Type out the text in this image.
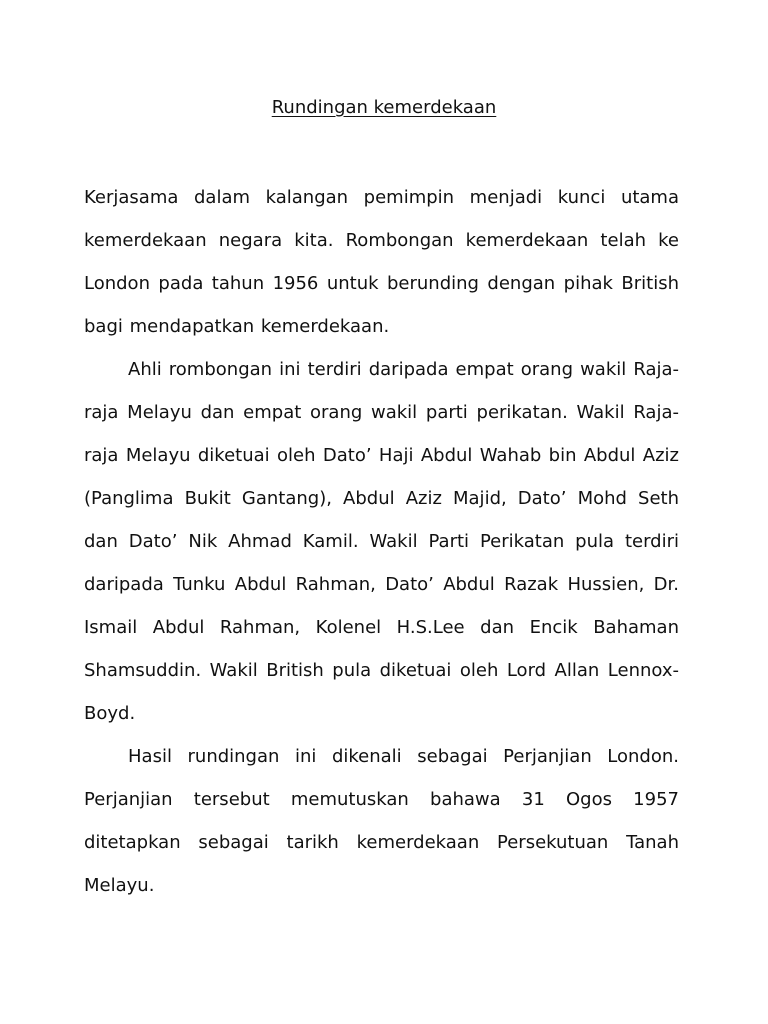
Rundingan kemerdekaan

Kerjasama dalam kalangan pemimpin menjadi kunci utama kemerdekaan negara kita. Rombongan kemerdekaan telah ke London pada tahun 1956 untuk berunding dengan pihak British bagi mendapatkan kemerdekaan.

Ahli rombongan ini terdiri daripada empat orang wakil Raja-raja Melayu dan empat orang wakil parti perikatan. Wakil Raja-raja Melayu diketuai oleh Dato’ Haji Abdul Wahab bin Abdul Aziz (Panglima Bukit Gantang), Abdul Aziz Majid, Dato’ Mohd Seth dan Dato’ Nik Ahmad Kamil. Wakil Parti Perikatan pula terdiri daripada Tunku Abdul Rahman, Dato’ Abdul Razak Hussien, Dr. Ismail Abdul Rahman, Kolenel H.S.Lee dan Encik Bahaman Shamsuddin. Wakil British pula diketuai oleh Lord Allan Lennox-Boyd.

Hasil rundingan ini dikenali sebagai Perjanjian London. Perjanjian tersebut memutuskan bahawa 31 Ogos 1957 ditetapkan sebagai tarikh kemerdekaan Persekutuan Tanah Melayu.
